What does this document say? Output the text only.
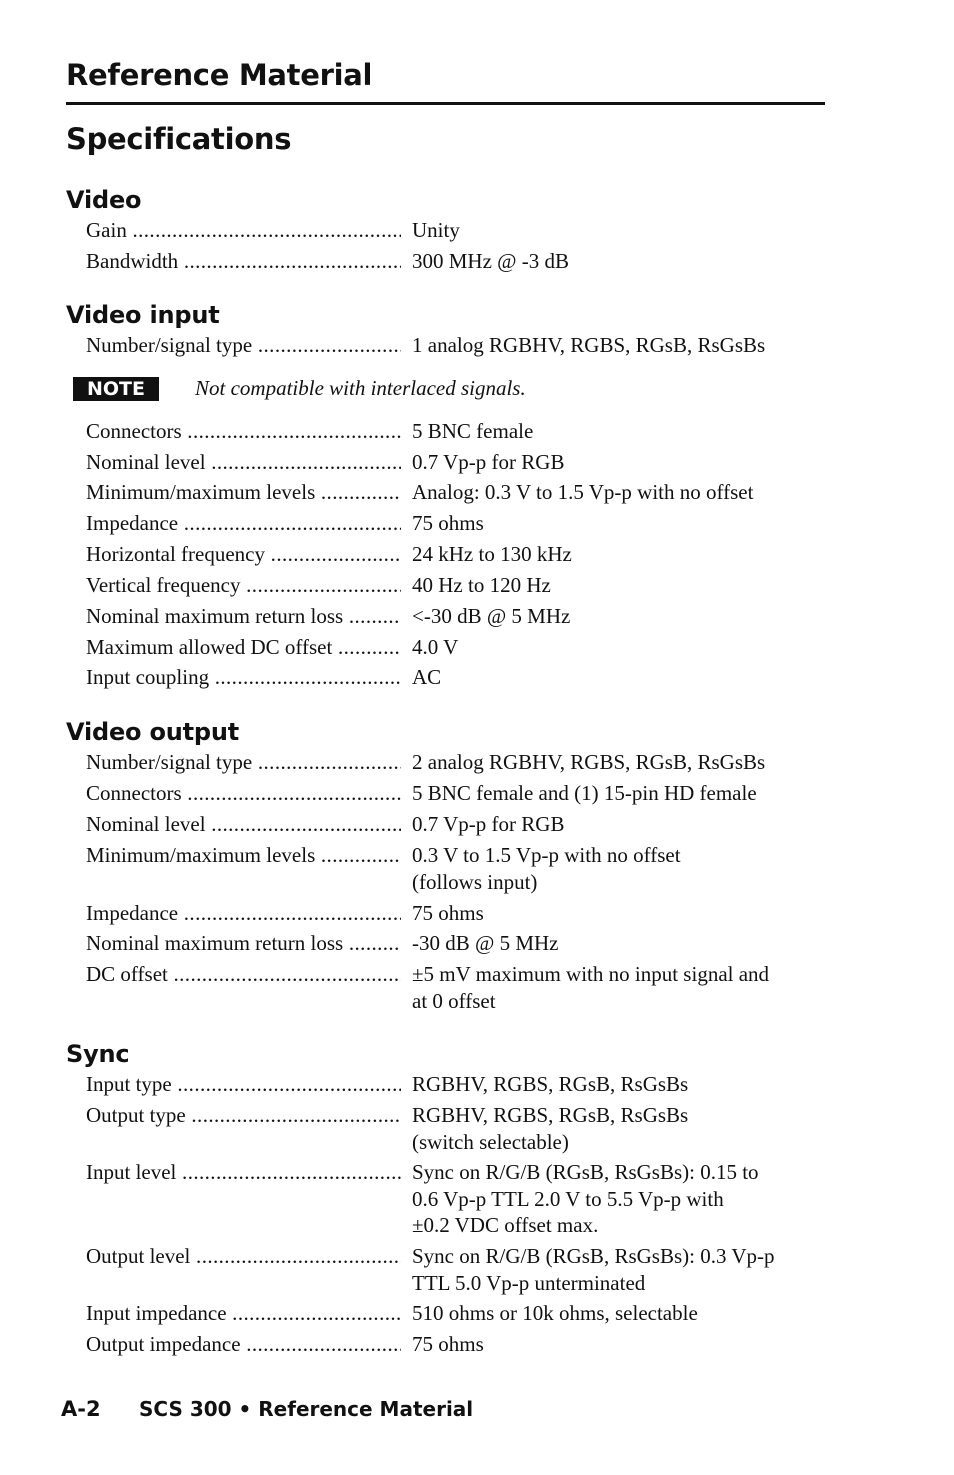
Reference Material
Specifications
Video
Gain .....	Unity
Bandwidth .....	300 MHz @ -3 dB
Video input
Number/signal type .....	1 analog RGBHV, RGBS, RGsB, RsGsBs
NOTE	Not compatible with interlaced signals.
Connectors .....	5 BNC female
Nominal level .....	0.7 Vp-p for RGB
Minimum/maximum levels .....	Analog: 0.3 V to 1.5 Vp-p with no offset
Impedance .....	75 ohms
Horizontal frequency .....	24 kHz to 130 kHz
Vertical frequency .....	40 Hz to 120 Hz
Nominal maximum return loss .....	<-30 dB @ 5 MHz
Maximum allowed DC offset .....	4.0 V
Input coupling .....	AC
Video output
Number/signal type .....	2 analog RGBHV, RGBS, RGsB, RsGsBs
Connectors .....	5 BNC female and (1) 15-pin HD female
Nominal level .....	0.7 Vp-p for RGB
Minimum/maximum levels .....	0.3 V to 1.5 Vp-p with no offset
(follows input)
Impedance .....	75 ohms
Nominal maximum return loss .....	-30 dB @ 5 MHz
DC offset .....	±5 mV maximum with no input signal and
at 0 offset
Sync
Input type .....	RGBHV, RGBS, RGsB, RsGsBs
Output type .....	RGBHV, RGBS, RGsB, RsGsBs
(switch selectable)
Input level .....	Sync on R/G/B (RGsB, RsGsBs): 0.15 to
0.6 Vp-p TTL 2.0 V to 5.5 Vp-p with
±0.2 VDC offset max.
Output level .....	Sync on R/G/B (RGsB, RsGsBs): 0.3 Vp-p
TTL 5.0 Vp-p unterminated
Input impedance .....	510 ohms or 10k ohms, selectable
Output impedance .....	75 ohms
A-2 SCS 300 • Reference Material
